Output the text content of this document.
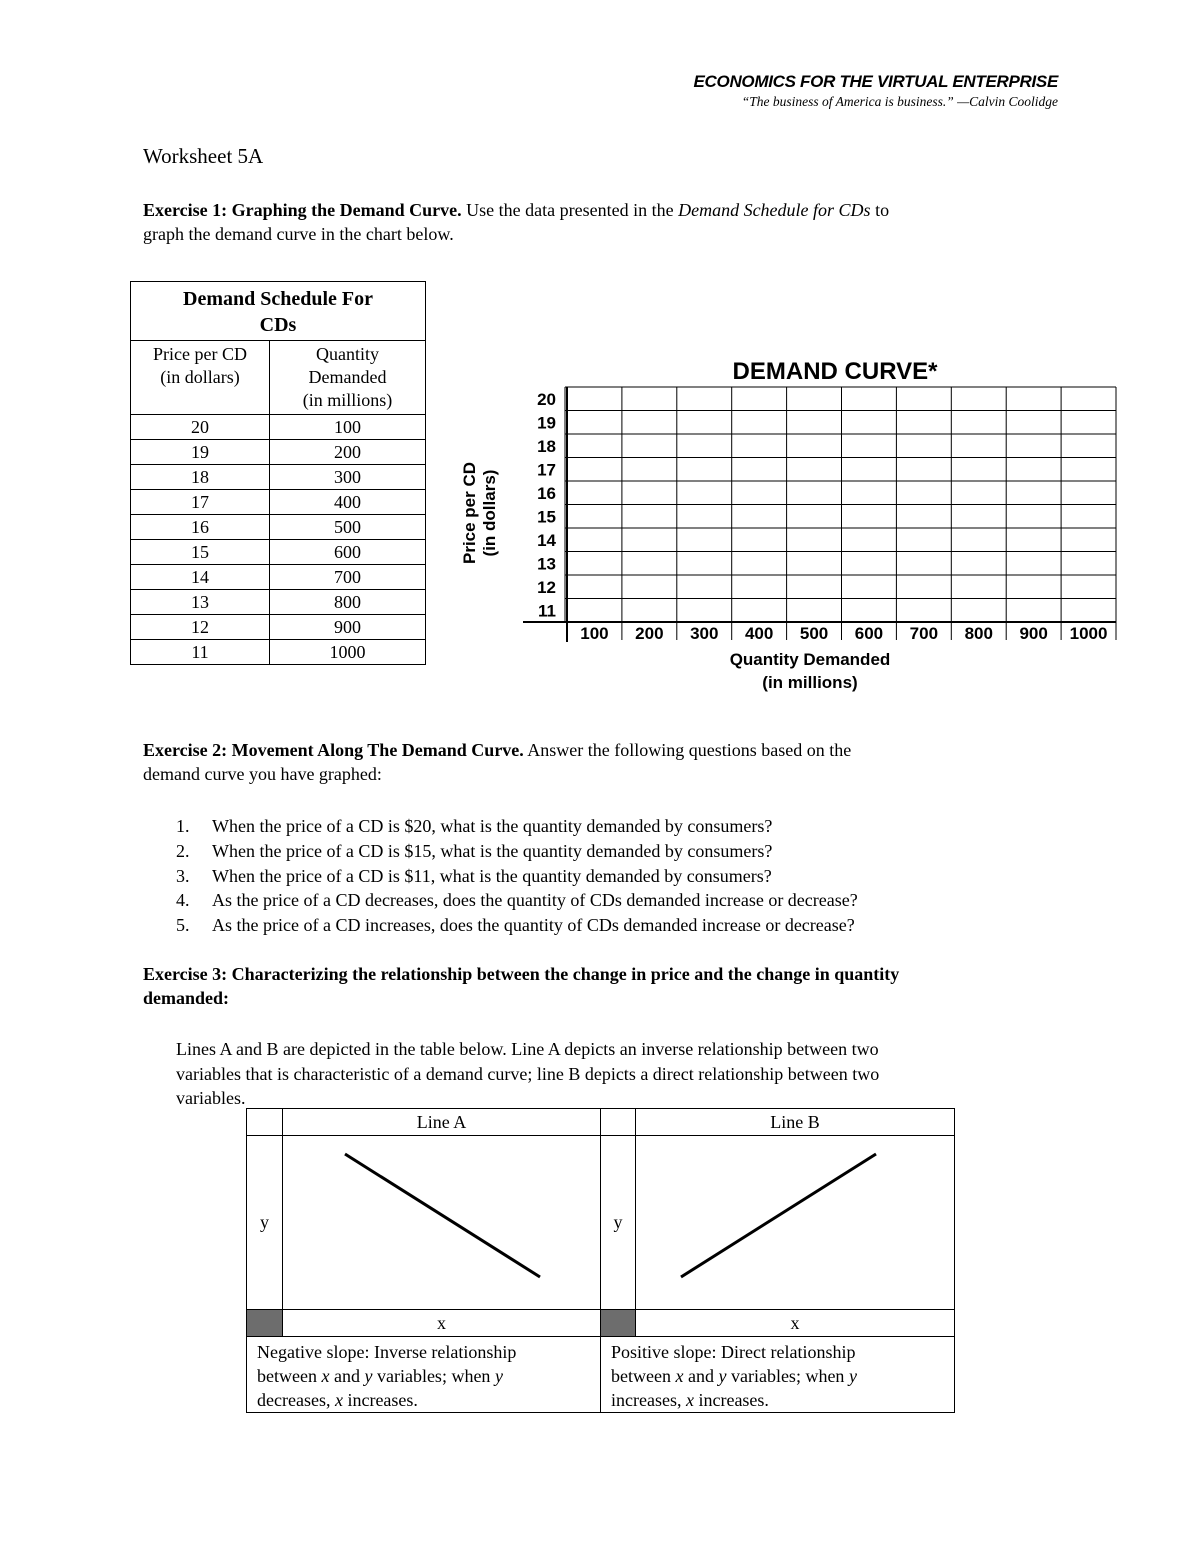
ECONOMICS FOR THE VIRTUAL ENTERPRISE
“The business of America is business.” —Calvin Coolidge
Worksheet 5A
Exercise 1: Graphing the Demand Curve. Use the data presented in the Demand Schedule for CDs to
graph the demand curve in the chart below.
Demand Schedule For
CDs	
Price per CD
(in dollars)	Quantity
Demanded
(in millions)
20	100
19	200
18	300
17	400
16	500
15	600
14	700
13	800
12	900
11	1000
DEMAND CURVE*
20
19
18
17
16
15
14
13
12
11
100 200 300 400 500 600 700 800 900 1000
Price per CD (in dollars)
Quantity Demanded
(in millions)
Exercise 2: Movement Along The Demand Curve. Answer the following questions based on the
demand curve you have graphed:
1. When the price of a CD is $20, what is the quantity demanded by consumers?
2. When the price of a CD is $15, what is the quantity demanded by consumers?
3. When the price of a CD is $11, what is the quantity demanded by consumers?
4. As the price of a CD decreases, does the quantity of CDs demanded increase or decrease?
5. As the price of a CD increases, does the quantity of CDs demanded increase or decrease?
Exercise 3: Characterizing the relationship between the change in price and the change in quantity
demanded:
Lines A and B are depicted in the table below. Line A depicts an inverse relationship between two
variables that is characteristic of a demand curve; line B depicts a direct relationship between two
variables.
	Line A		Line B
y		y	
	x		x
Negative slope: Inverse relationship
between x and y variables; when y
decreases, x increases.		Positive slope: Direct relationship
between x and y variables; when y
increases, x increases.	
